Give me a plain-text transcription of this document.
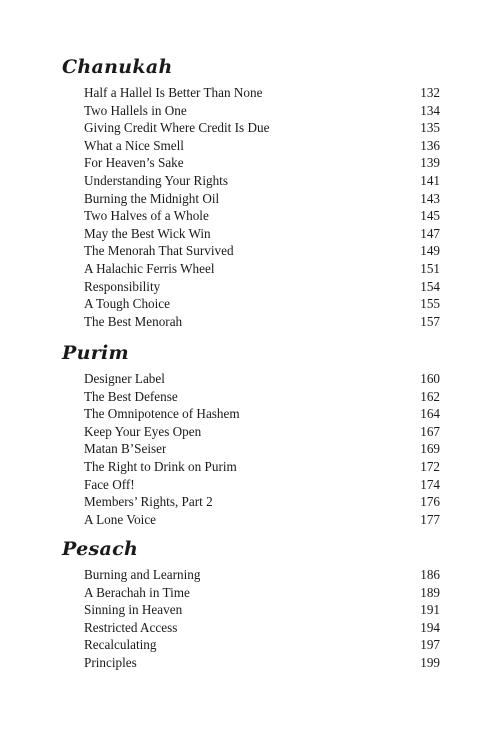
Chanukah
Half a Hallel Is Better Than None	132
Two Hallels in One	134
Giving Credit Where Credit Is Due	135
What a Nice Smell	136
For Heaven’s Sake	139
Understanding Your Rights	141
Burning the Midnight Oil	143
Two Halves of a Whole	145
May the Best Wick Win	147
The Menorah That Survived	149
A Halachic Ferris Wheel	151
Responsibility	154
A Tough Choice	155
The Best Menorah	157
Purim
Designer Label	160
The Best Defense	162
The Omnipotence of Hashem	164
Keep Your Eyes Open	167
Matan B’Seiser	169
The Right to Drink on Purim	172
Face Off!	174
Members’ Rights, Part 2	176
A Lone Voice	177
Pesach
Burning and Learning	186
A Berachah in Time	189
Sinning in Heaven	191
Restricted Access	194
Recalculating	197
Principles	199
